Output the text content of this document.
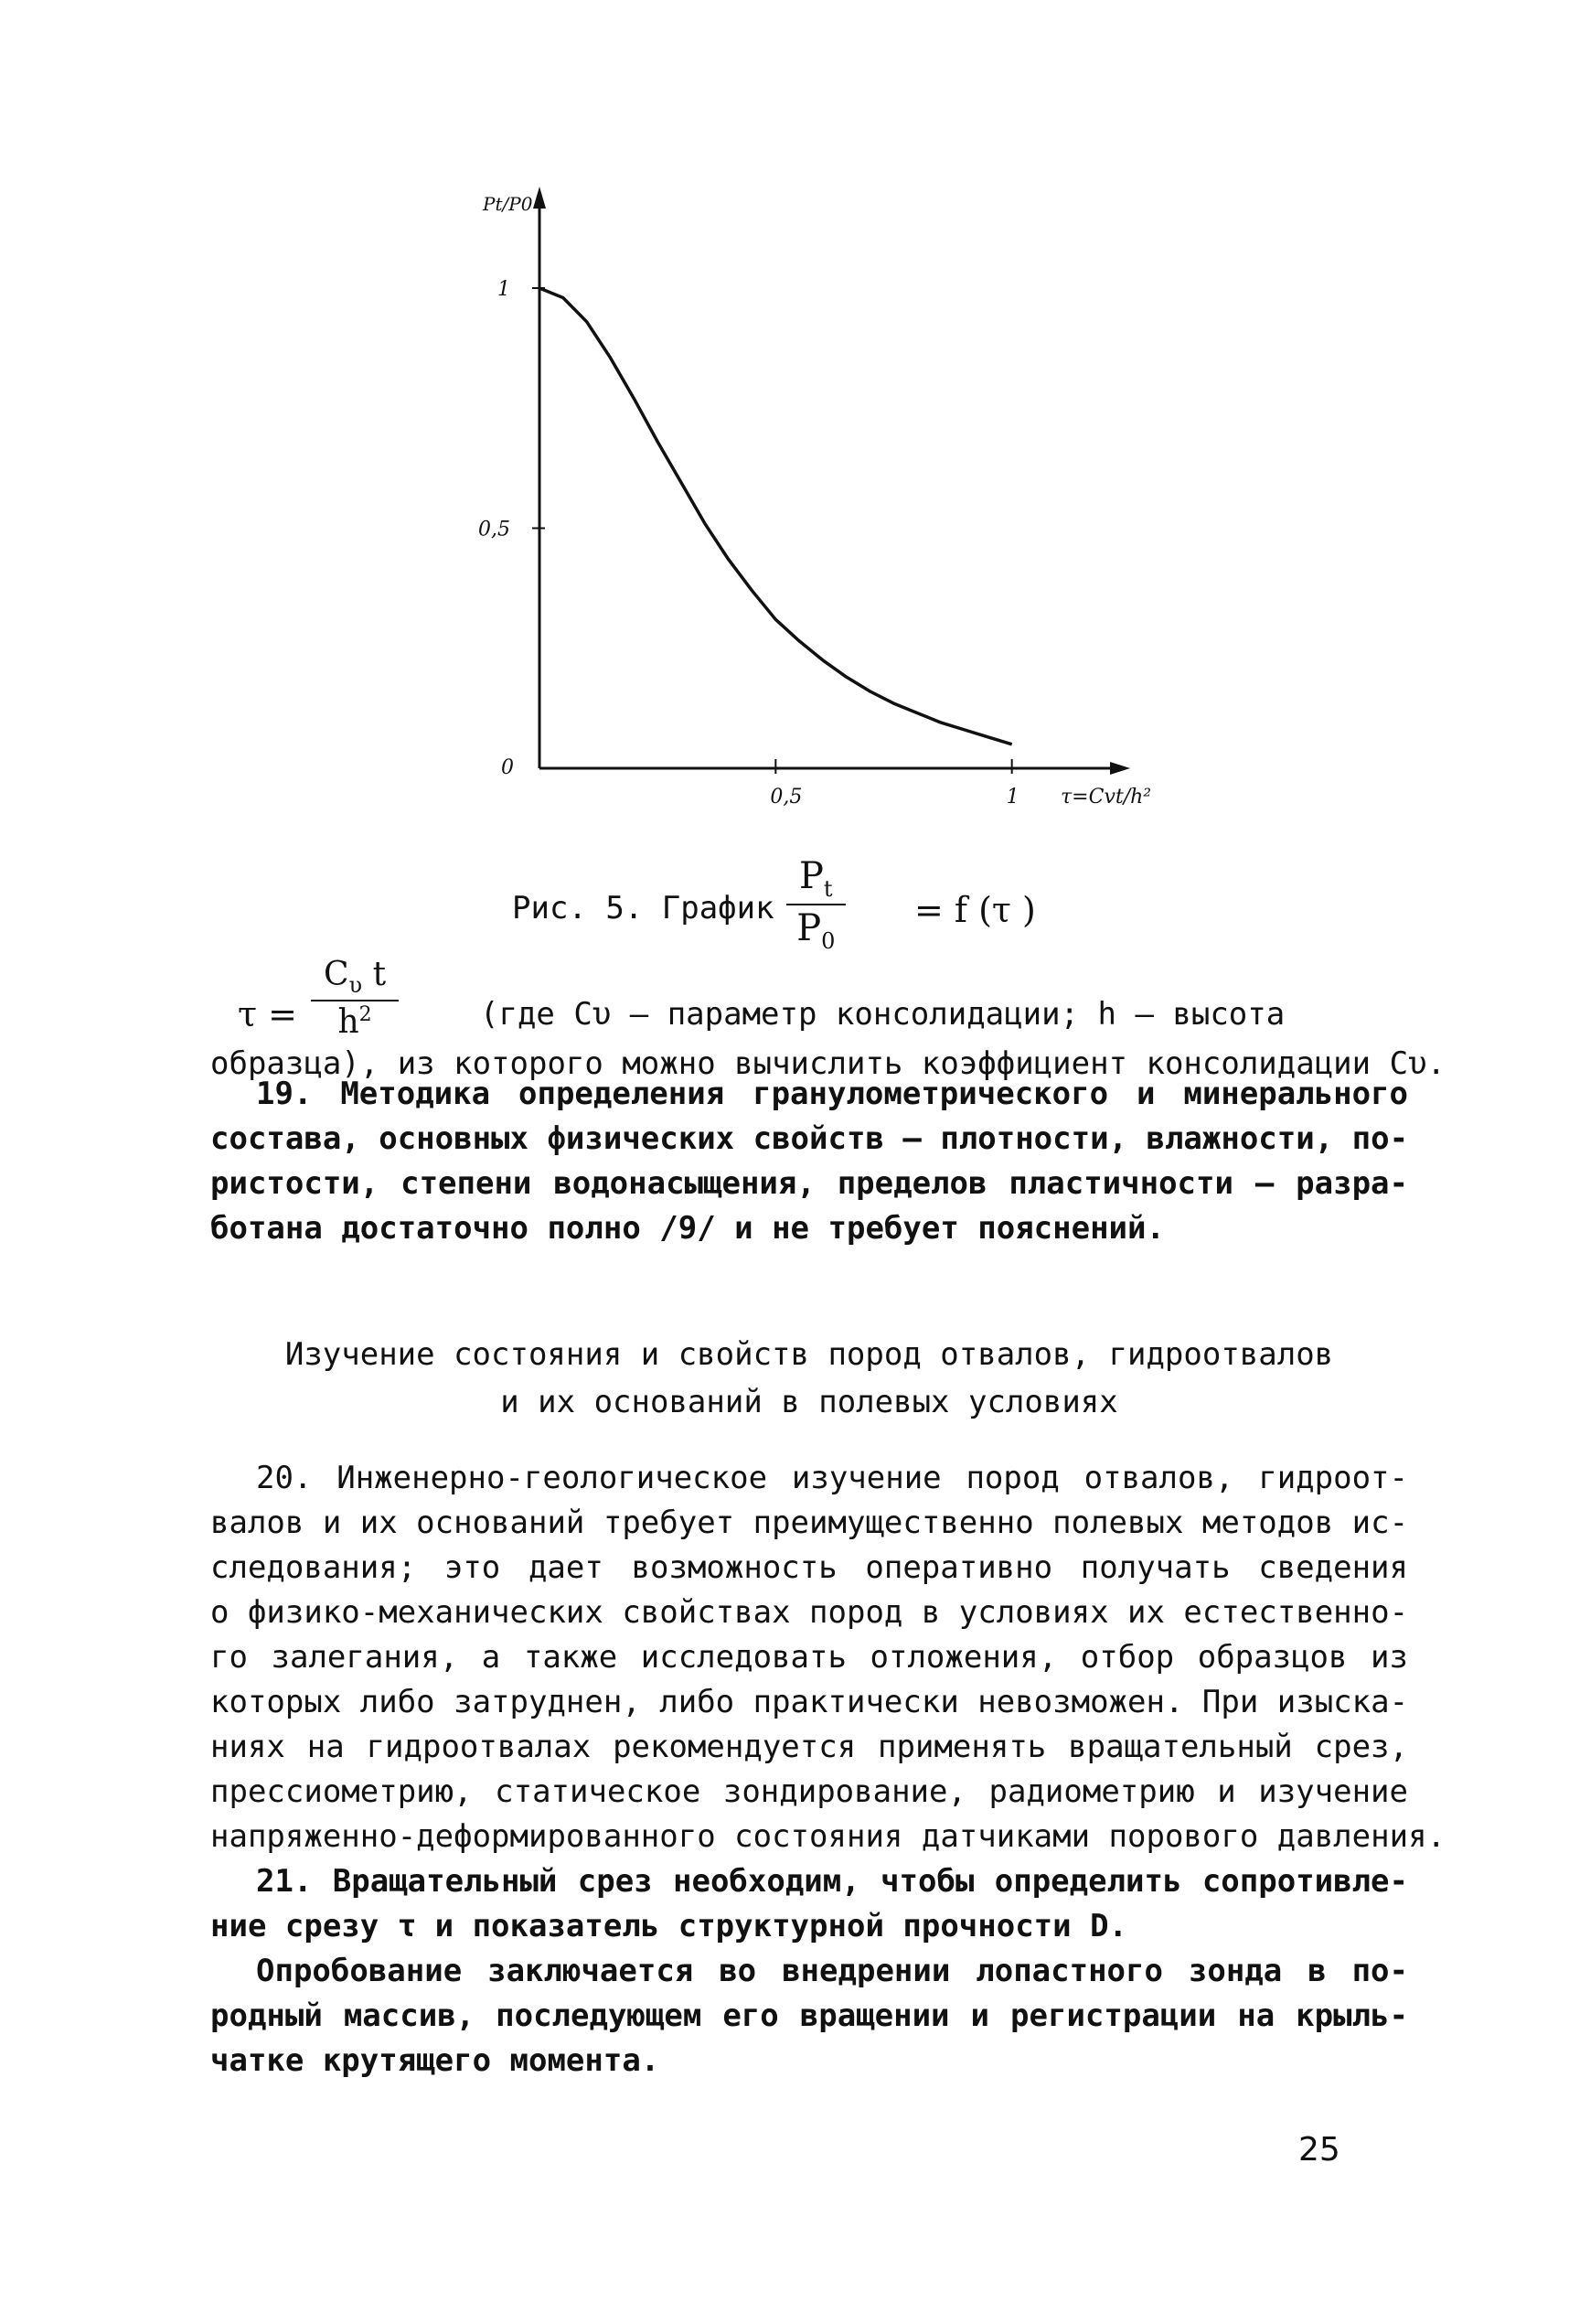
0,5	1
1
0,5
0
Pt/P0
τ=Cvt/h²
Рис. 5. График $\frac{P_t}{P_0} = f$ (τ )
$\tau = \frac{C_\upsilon t}{h^2}$	(где Cυ – параметр консолидации; h – высота
образца), из которого можно вычислить коэффициент консолидации Cυ.
19. Методика определения гранулометрического и минерального
состава, основных физических свойств – плотности, влажности, по-
ристости, степени водонасыщения, пределов пластичности – разра-
ботана достаточно полно /9/ и не требует пояснений.
Изучение состояния и свойств пород отвалов, гидроотвалов
и их оснований в полевых условиях
20. Инженерно-геологическое изучение пород отвалов, гидроот-
валов и их оснований требует преимущественно полевых методов ис-
следования; это дает возможность оперативно получать сведения
о физико-механических свойствах пород в условиях их естественно-
го залегания, а также исследовать отложения, отбор образцов из
которых либо затруднен, либо практически невозможен. При изыска-
ниях на гидроотвалах рекомендуется применять вращательный срез,
прессиометрию, статическое зондирование, радиометрию и изучение
напряженно-деформированного состояния датчиками порового давления.
21. Вращательный срез необходим, чтобы определить сопротивле-
ние срезу τ и показатель структурной прочности D.
Опробование заключается во внедрении лопастного зонда в по-
родный массив, последующем его вращении и регистрации на крыль-
чатке крутящего момента.
25
